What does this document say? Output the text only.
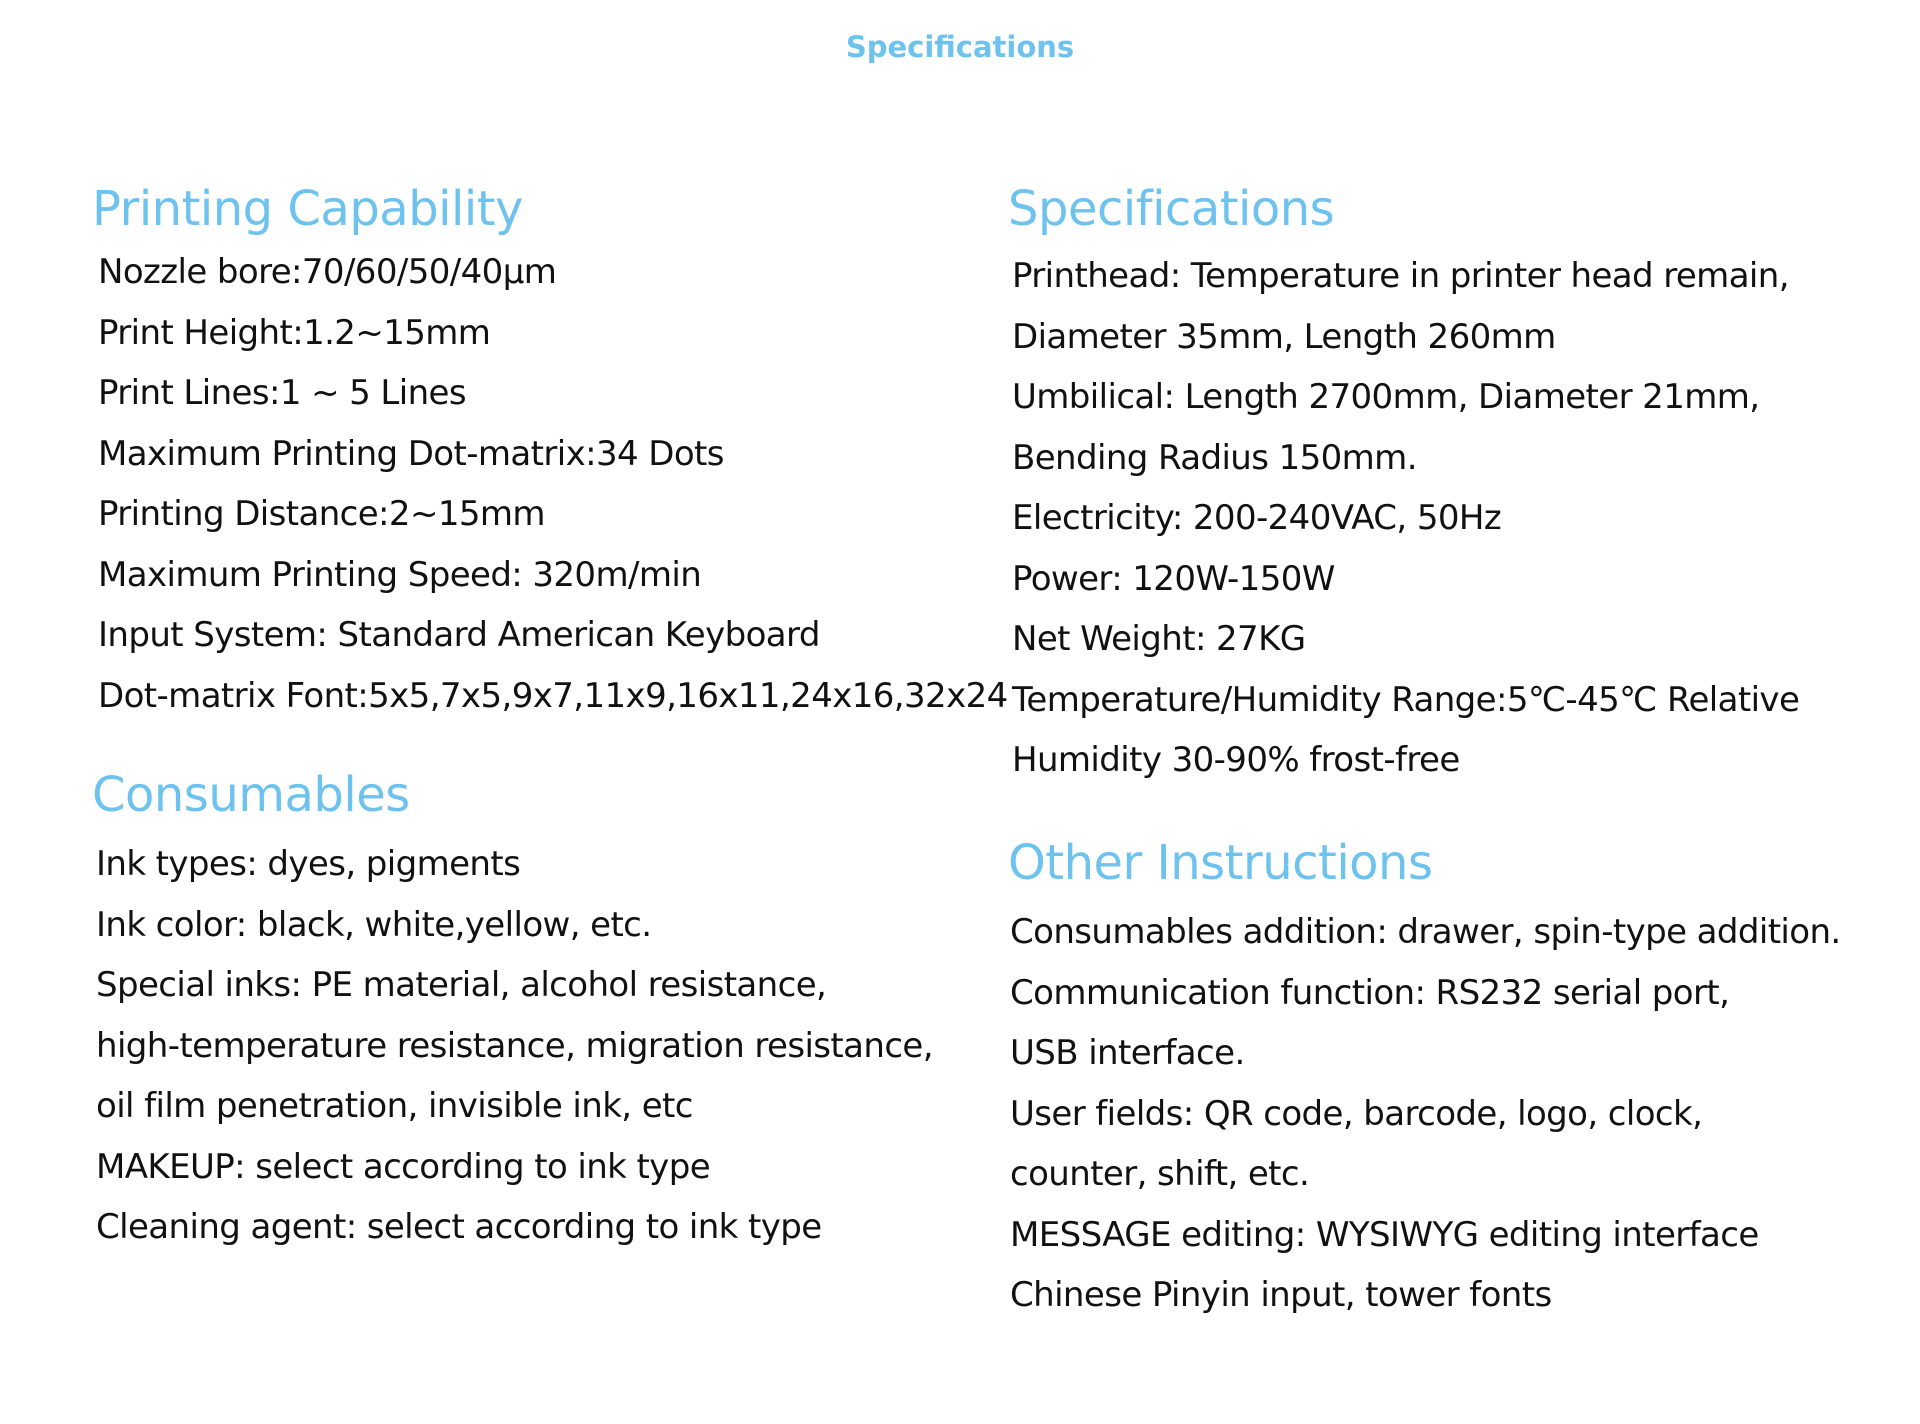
Specifications
Printing Capability
Nozzle bore:70/60/50/40μm
Print Height:1.2~15mm
Print Lines:1 ~ 5 Lines
Maximum Printing Dot-matrix:34 Dots
Printing Distance:2~15mm
Maximum Printing Speed: 320m/min
Input System: Standard American Keyboard
Dot-matrix Font:5x5,7x5,9x7,11x9,16x11,24x16,32x24
Consumables
Ink types: dyes, pigments
Ink color: black, white,yellow, etc.
Special inks: PE material, alcohol resistance,
high-temperature resistance, migration resistance,
oil film penetration, invisible ink, etc
MAKEUP: select according to ink type
Cleaning agent: select according to ink type
Specifications
Printhead: Temperature in printer head remain,
Diameter 35mm, Length 260mm
Umbilical: Length 2700mm, Diameter 21mm,
Bending Radius 150mm.
Electricity: 200-240VAC, 50Hz
Power: 120W-150W
Net Weight: 27KG
Temperature/Humidity Range:5℃-45℃ Relative
Humidity 30-90% frost-free
Other Instructions
Consumables addition: drawer, spin-type addition.
Communication function: RS232 serial port,
USB interface.
User fields: QR code, barcode, logo, clock,
counter, shift, etc.
MESSAGE editing: WYSIWYG editing interface
Chinese Pinyin input, tower fonts
